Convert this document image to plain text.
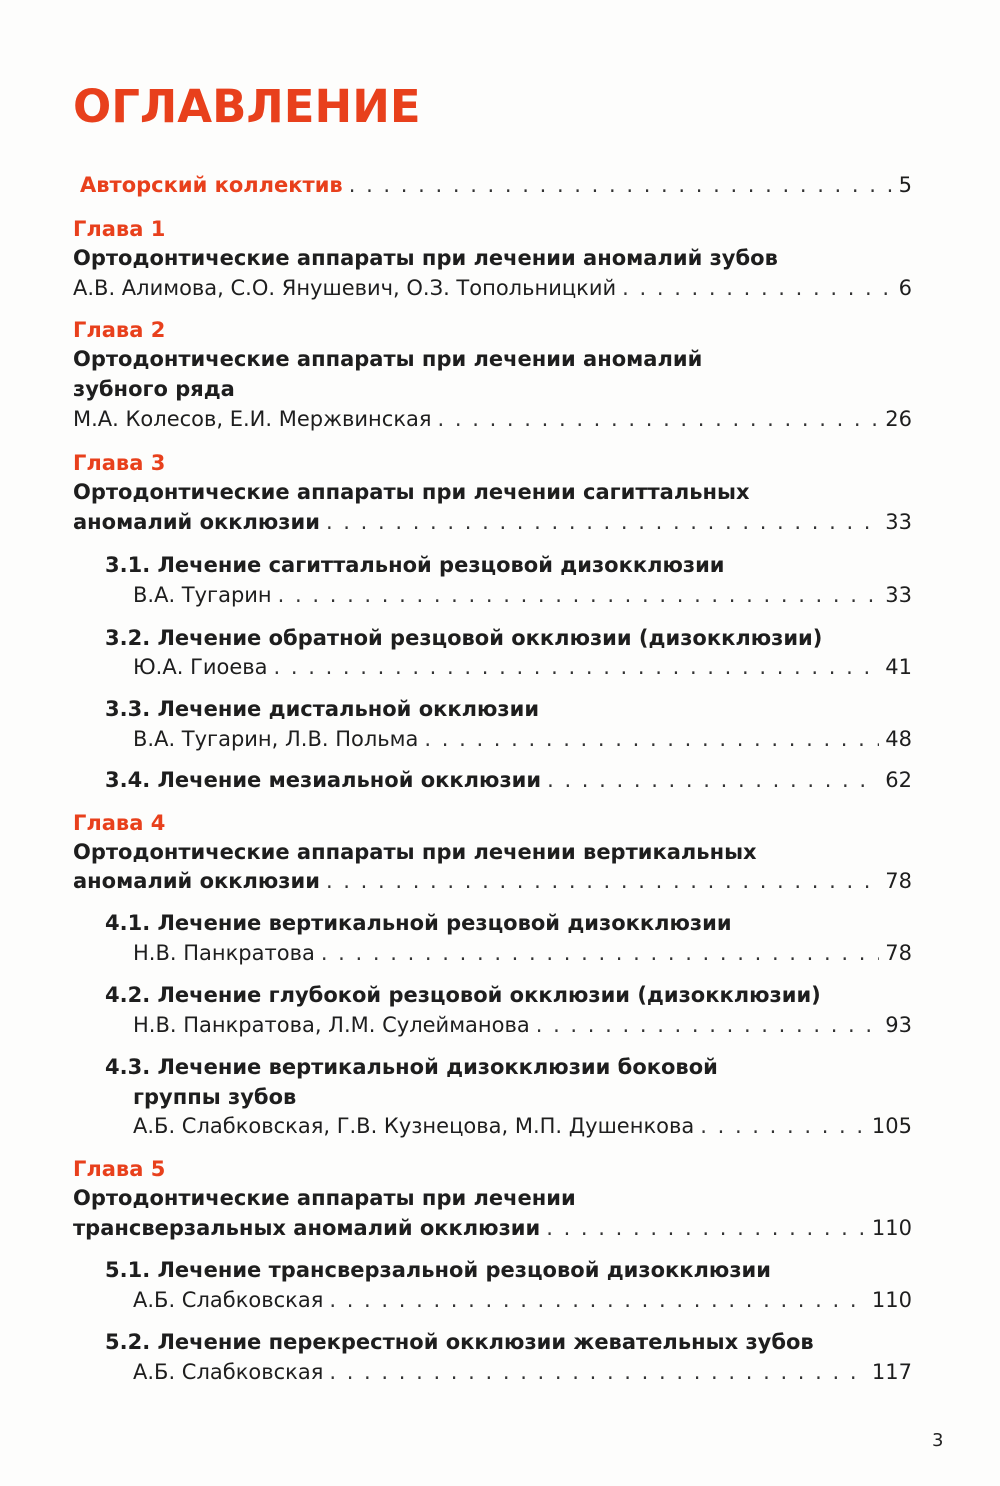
ОГЛАВЛЕНИЕ
Авторский коллектив . . .	5
Глава 1
Ортодонтические аппараты при лечении аномалий зубов
А.В. Алимова, С.О. Янушевич, О.З. Топольницкий . . .	6
Глава 2
Ортодонтические аппараты при лечении аномалий
зубного ряда
М.А. Колесов, Е.И. Мержвинская . . .	26
Глава 3
Ортодонтические аппараты при лечении сагиттальных
аномалий окклюзии . . .	33
3.1. Лечение сагиттальной резцовой дизокклюзии
В.А. Тугарин . . .	33
3.2. Лечение обратной резцовой окклюзии (дизокклюзии)
Ю.А. Гиоева . . .	41
3.3. Лечение дистальной окклюзии
В.А. Тугарин, Л.В. Польма . . .	48
3.4. Лечение мезиальной окклюзии . . .	62
Глава 4
Ортодонтические аппараты при лечении вертикальных
аномалий окклюзии . . .	78
4.1. Лечение вертикальной резцовой дизокклюзии
Н.В. Панкратова . . .	78
4.2. Лечение глубокой резцовой окклюзии (дизокклюзии)
Н.В. Панкратова, Л.М. Сулейманова . . .	93
4.3. Лечение вертикальной дизокклюзии боковой
группы зубов
А.Б. Слабковская, Г.В. Кузнецова, М.П. Душенкова . . .	105
Глава 5
Ортодонтические аппараты при лечении
трансверзальных аномалий окклюзии . . .	110
5.1. Лечение трансверзальной резцовой дизокклюзии
А.Б. Слабковская . . .	110
5.2. Лечение перекрестной окклюзии жевательных зубов
А.Б. Слабковская . . .	117
3
